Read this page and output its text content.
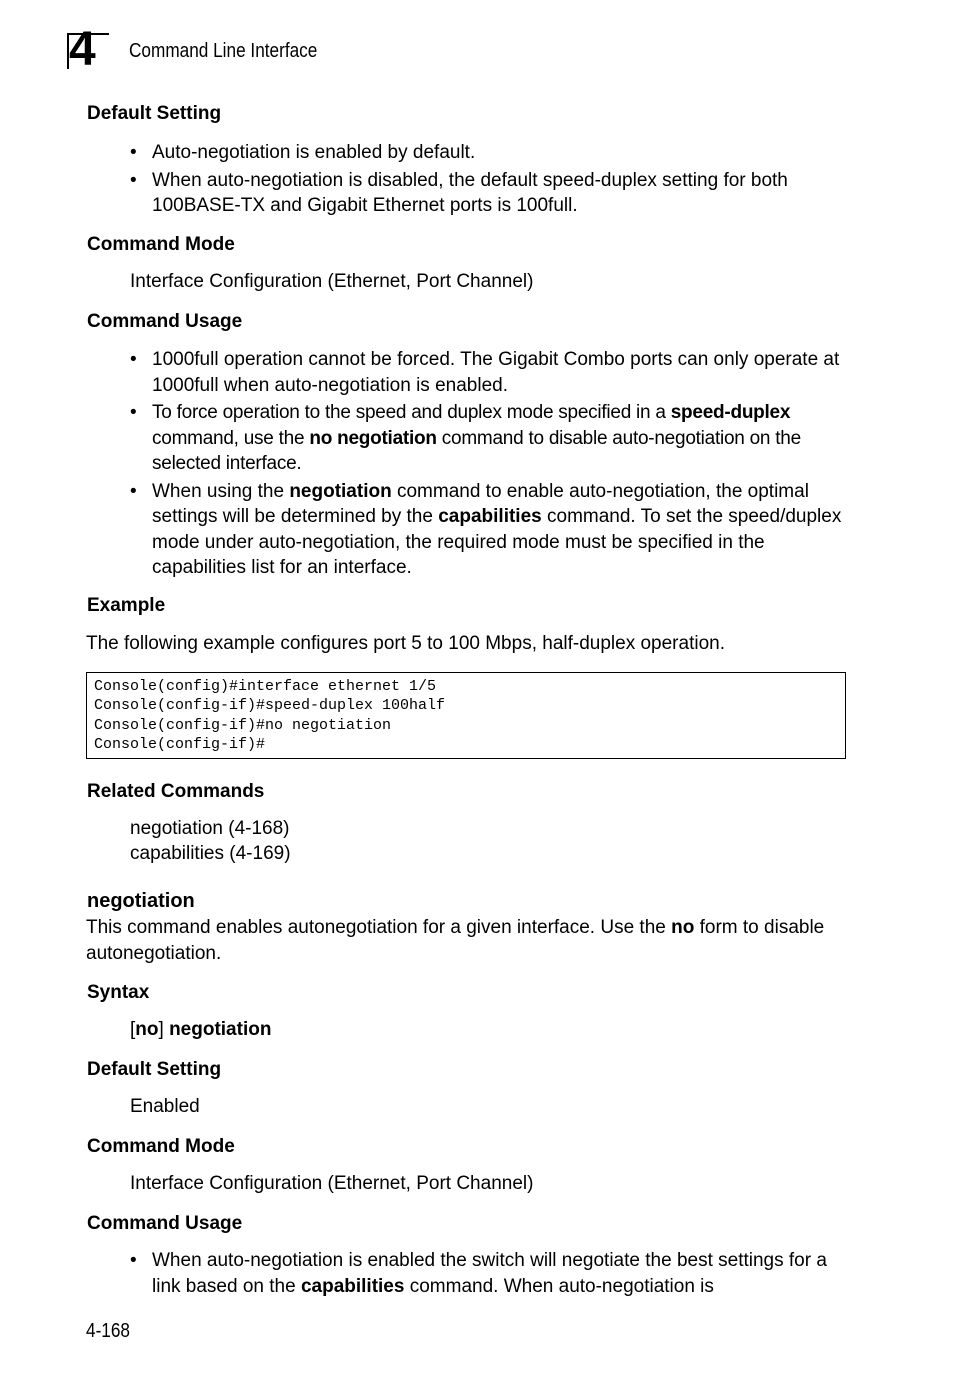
4 Command Line Interface
Default Setting
• Auto-negotiation is enabled by default.
• When auto-negotiation is disabled, the default speed-duplex setting for both 100BASE-TX and Gigabit Ethernet ports is 100full.
Command Mode
Interface Configuration (Ethernet, Port Channel)
Command Usage
• 1000full operation cannot be forced. The Gigabit Combo ports can only operate at 1000full when auto-negotiation is enabled.
• To force operation to the speed and duplex mode specified in a speed-duplex command, use the no negotiation command to disable auto-negotiation on the selected interface.
• When using the negotiation command to enable auto-negotiation, the optimal settings will be determined by the capabilities command. To set the speed/duplex mode under auto-negotiation, the required mode must be specified in the capabilities list for an interface.
Example
The following example configures port 5 to 100 Mbps, half-duplex operation.
Console(config)#interface ethernet 1/5
Console(config-if)#speed-duplex 100half
Console(config-if)#no negotiation
Console(config-if)#
Related Commands
negotiation (4-168)
capabilities (4-169)
negotiation
This command enables autonegotiation for a given interface. Use the no form to disable autonegotiation.
Syntax
[no] negotiation
Default Setting
Enabled
Command Mode
Interface Configuration (Ethernet, Port Channel)
Command Usage
• When auto-negotiation is enabled the switch will negotiate the best settings for a link based on the capabilities command. When auto-negotiation is
4-168
